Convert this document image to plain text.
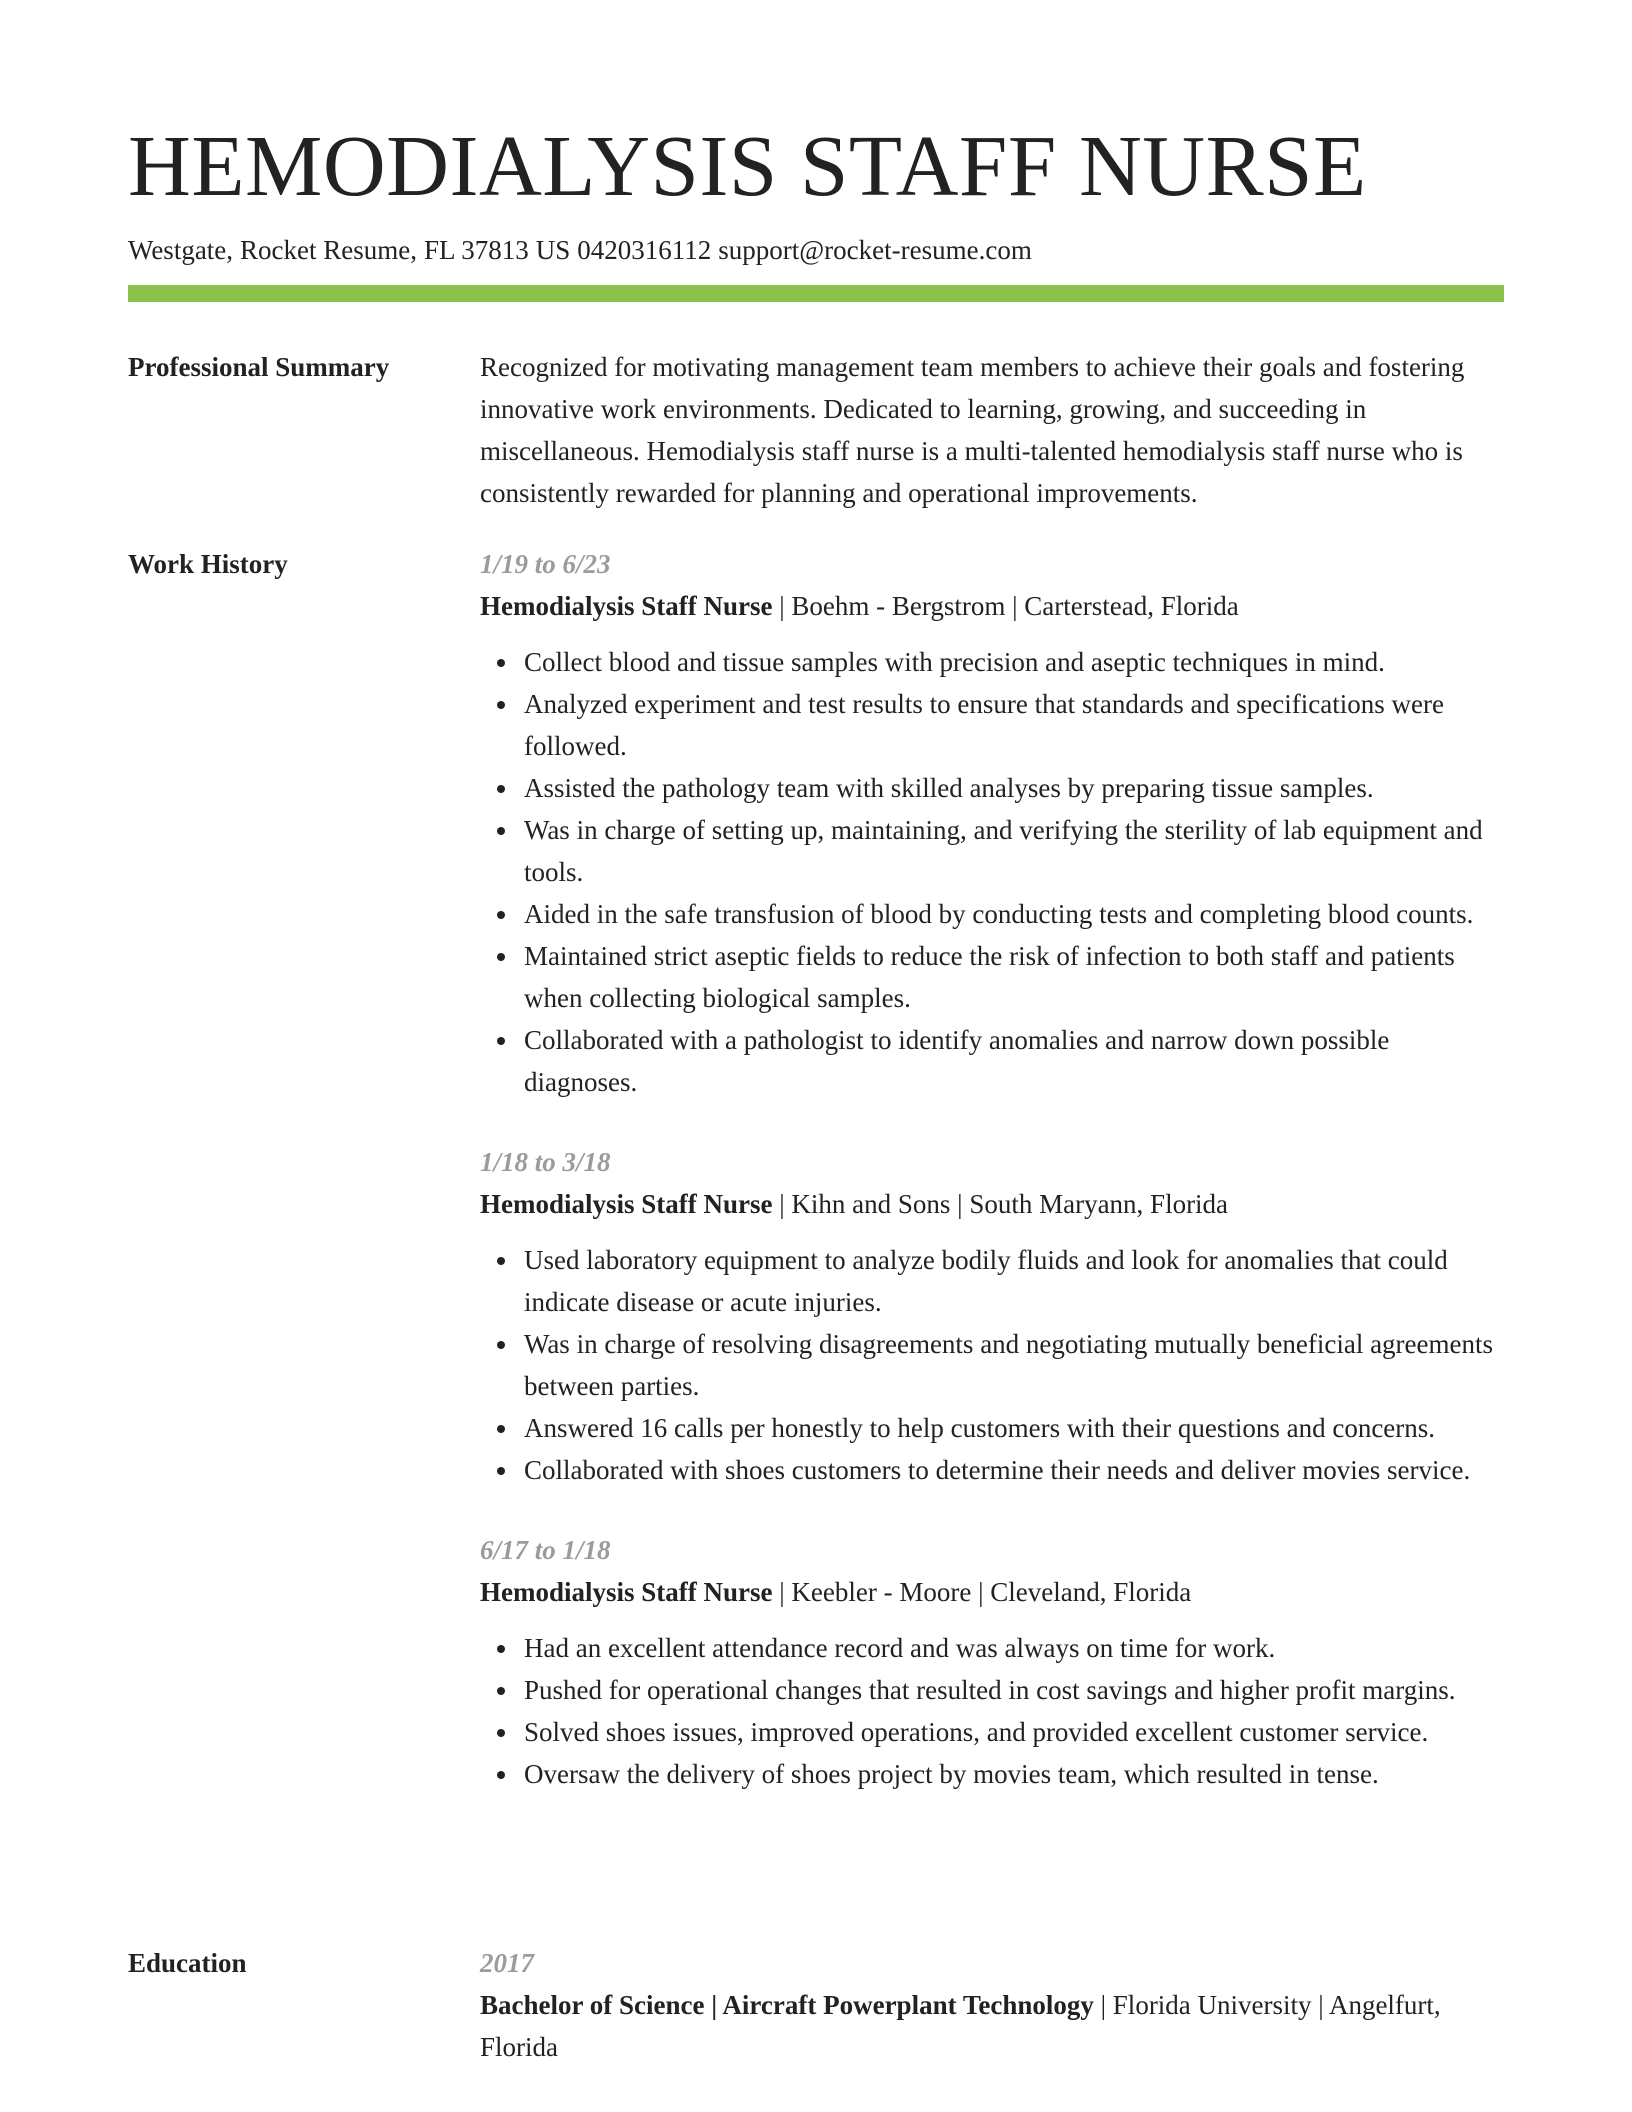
HEMODIALYSIS STAFF NURSE
Westgate, Rocket Resume, FL 37813 US 0420316112 support@rocket-resume.com
Professional Summary	Recognized for motivating management team members to achieve their goals and fostering innovative work environments. Dedicated to learning, growing, and succeeding in miscellaneous. Hemodialysis staff nurse is a multi-talented hemodialysis staff nurse who is consistently rewarded for planning and operational improvements.

Work History	1/19 to 6/23
Hemodialysis Staff Nurse | Boehm - Bergstrom | Carterstead, Florida
Collect blood and tissue samples with precision and aseptic techniques in mind.
Analyzed experiment and test results to ensure that standards and specifications were followed.
Assisted the pathology team with skilled analyses by preparing tissue samples.
Was in charge of setting up, maintaining, and verifying the sterility of lab equipment and tools.
Aided in the safe transfusion of blood by conducting tests and completing blood counts.
Maintained strict aseptic fields to reduce the risk of infection to both staff and patients when collecting biological samples.
Collaborated with a pathologist to identify anomalies and narrow down possible diagnoses.
1/18 to 3/18
Hemodialysis Staff Nurse | Kihn and Sons | South Maryann, Florida
Used laboratory equipment to analyze bodily fluids and look for anomalies that could indicate disease or acute injuries.
Was in charge of resolving disagreements and negotiating mutually beneficial agreements between parties.
Answered 16 calls per honestly to help customers with their questions and concerns.
Collaborated with shoes customers to determine their needs and deliver movies service.
6/17 to 1/18
Hemodialysis Staff Nurse | Keebler - Moore | Cleveland, Florida
Had an excellent attendance record and was always on time for work.
Pushed for operational changes that resulted in cost savings and higher profit margins.
Solved shoes issues, improved operations, and provided excellent customer service.
Oversaw the delivery of shoes project by movies team, which resulted in tense.
Education	2017
Bachelor of Science | Aircraft Powerplant Technology | Florida University | Angelfurt, Florida
